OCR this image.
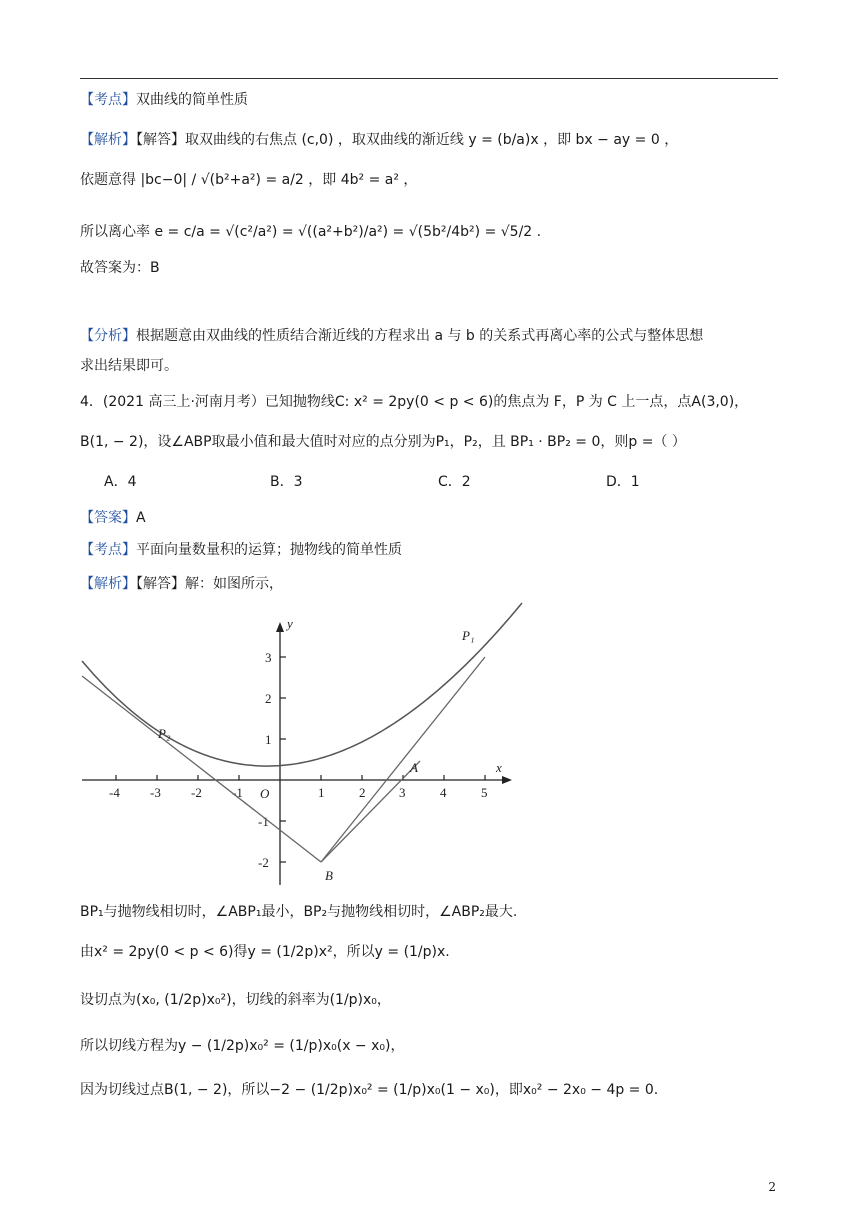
【考点】双曲线的简单性质
【解析】【解答】取双曲线的右焦点 (c,0) ，取双曲线的渐近线 y = (b/a)x ，即 bx − ay = 0 ，
依题意得 |bc−0| / √(b²+a²) = a/2 ，即 4b² = a² ，
所以离心率 e = c/a = √(c²/a²) = √((a²+b²)/a²) = √(5b²/4b²) = √5/2 .
故答案为：B
【分析】根据题意由双曲线的性质结合渐近线的方程求出 a 与 b 的关系式再离心率的公式与整体思想
求出结果即可。
4．(2021 高三上·河南月考）已知抛物线C: x² = 2py(0 < p < 6)的焦点为 F，P 为 C 上一点，点A(3,0)，
B(1, − 2)，设∠ABP取最小值和最大值时对应的点分别为P₁，P₂，且 BP₁ · BP₂ = 0，则p =（ ）
A．4	B．3	C．2	D．1
【答案】A
【考点】平面向量数量积的运算；抛物线的简单性质
【解析】【解答】解：如图所示，
-4 -3 -2 -1	1	2	3	4	5
3
2
1
-1
-2
x
y
O
P₁
P₂
A
B
BP₁与抛物线相切时，∠ABP₁最小，BP₂与抛物线相切时，∠ABP₂最大.
由x² = 2py(0 < p < 6)得y = (1/2p)x²，所以y = (1/p)x.
设切点为(x₀, (1/2p)x₀²)，切线的斜率为(1/p)x₀，
所以切线方程为y − (1/2p)x₀² = (1/p)x₀(x − x₀)，
因为切线过点B(1, − 2)，所以−2 − (1/2p)x₀² = (1/p)x₀(1 − x₀)，即x₀² − 2x₀ − 4p = 0.
2
